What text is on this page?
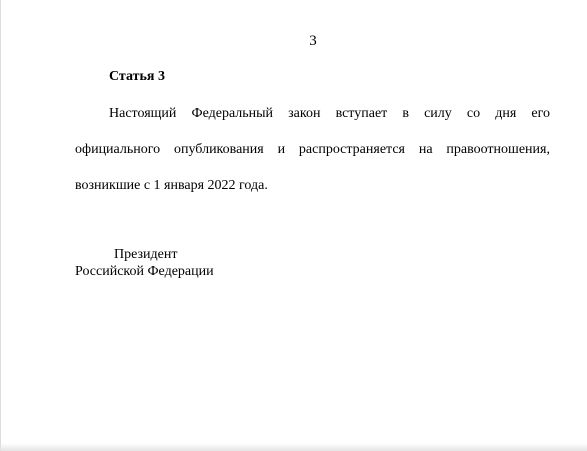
3
Статья 3
Настоящий Федеральный закон вступает в силу со дня его
официального опубликования и распространяется на правоотношения,
возникшие с 1 января 2022 года.
Президент
Российской Федерации
